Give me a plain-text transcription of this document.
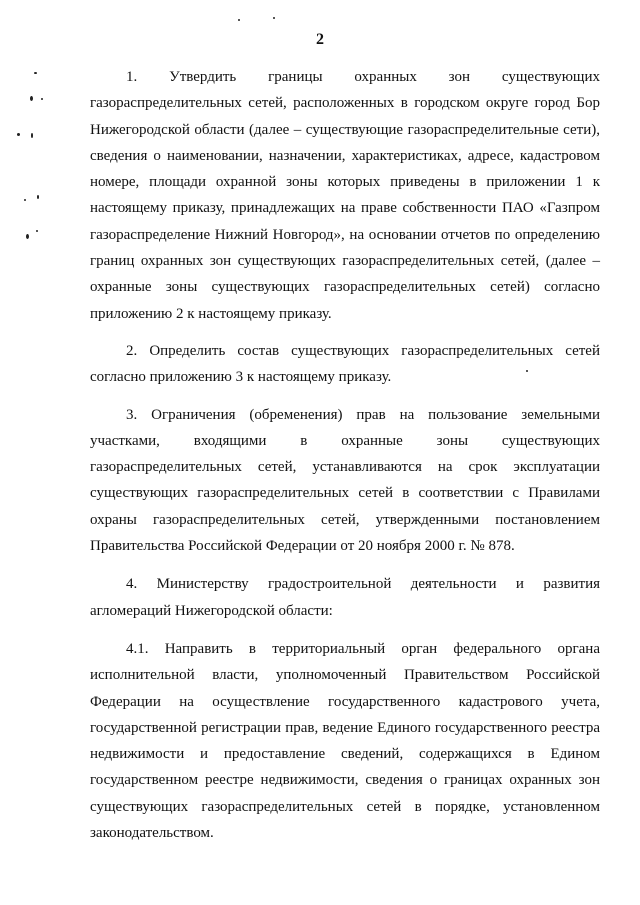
2

1. Утвердить границы охранных зон существующих газораспределительных сетей, расположенных в городском округе город Бор Нижегородской области (далее – существующие газораспределительные сети), сведения о наименовании, назначении, характеристиках, адресе, кадастровом номере, площади охранной зоны которых приведены в приложении 1 к настоящему приказу, принадлежащих на праве собственности ПАО «Газпром газораспределение Нижний Новгород», на основании отчетов по определению границ охранных зон существующих газораспределительных сетей, (далее – охранные зоны существующих газораспределительных сетей) согласно приложению 2 к настоящему приказу.

2. Определить состав существующих газораспределительных сетей согласно приложению 3 к настоящему приказу.

3. Ограничения (обременения) прав на пользование земельными участками, входящими в охранные зоны существующих газораспределительных сетей, устанавливаются на срок эксплуатации существующих газораспределительных сетей в соответствии с Правилами охраны газораспределительных сетей, утвержденными постановлением Правительства Российской Федерации от 20 ноября 2000 г. № 878.

4. Министерству градостроительной деятельности и развития агломераций Нижегородской области:

4.1. Направить в территориальный орган федерального органа исполнительной власти, уполномоченный Правительством Российской Федерации на осуществление государственного кадастрового учета, государственной регистрации прав, ведение Единого государственного реестра недвижимости и предоставление сведений, содержащихся в Едином государственном реестре недвижимости, сведения о границах охранных зон существующих газораспределительных сетей в порядке, установленном законодательством.
